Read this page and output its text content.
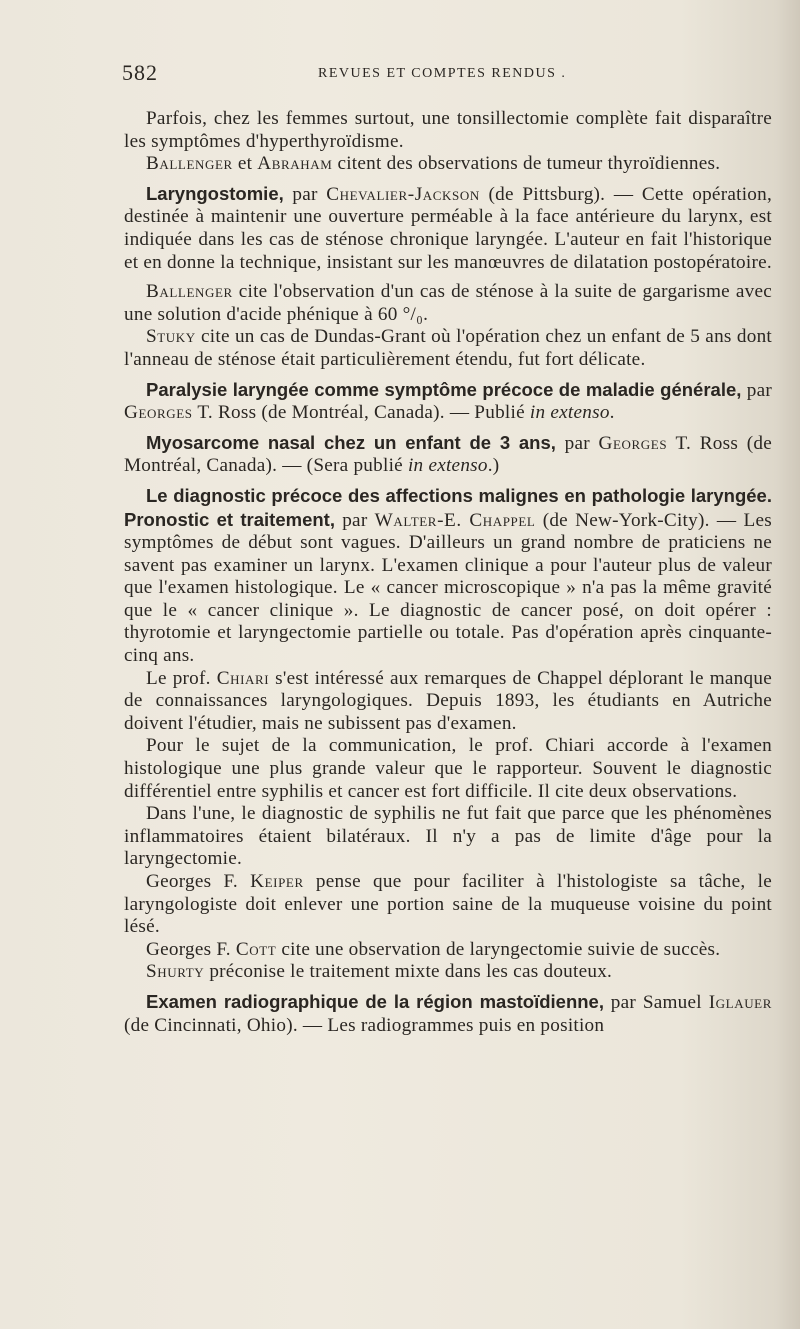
582	REVUES ET COMPTES RENDUS .

Parfois, chez les femmes surtout, une tonsillectomie complète fait disparaître les symptômes d'hyperthyroïdisme.

Ballenger et Abraham citent des observations de tumeur thyroïdiennes.

Laryngostomie, par Chevalier-Jackson (de Pittsburg). — Cette opération, destinée à maintenir une ouverture perméable à la face antérieure du larynx, est indiquée dans les cas de sténose chronique laryngée. L'auteur en fait l'historique et en donne la technique, insistant sur les manœuvres de dilatation postopératoire.

Ballenger cite l'observation d'un cas de sténose à la suite de gargarisme avec une solution d'acide phénique à 60 °/₀.

Stuky cite un cas de Dundas-Grant où l'opération chez un enfant de 5 ans dont l'anneau de sténose était particulièrement étendu, fut fort délicate.

Paralysie laryngée comme symptôme précoce de maladie générale, par Georges T. Ross (de Montréal, Canada). — Publié in extenso.

Myosarcome nasal chez un enfant de 3 ans, par Georges T. Ross (de Montréal, Canada). — (Sera publié in extenso.)

Le diagnostic précoce des affections malignes en pathologie laryngée. Pronostic et traitement, par Walter-E. Chappel (de New-York-City). — Les symptômes de début sont vagues. D'ailleurs un grand nombre de praticiens ne savent pas examiner un larynx. L'examen clinique a pour l'auteur plus de valeur que l'examen histologique. Le « cancer microscopique » n'a pas la même gravité que le « cancer clinique ». Le diagnostic de cancer posé, on doit opérer : thyrotomie et laryngectomie partielle ou totale. Pas d'opération après cinquante-cinq ans.

Le prof. Chiari s'est intéressé aux remarques de Chappel déplorant le manque de connaissances laryngologiques. Depuis 1893, les étudiants en Autriche doivent l'étudier, mais ne subissent pas d'examen.

Pour le sujet de la communication, le prof. Chiari accorde à l'examen histologique une plus grande valeur que le rapporteur. Souvent le diagnostic différentiel entre syphilis et cancer est fort difficile. Il cite deux observations.

Dans l'une, le diagnostic de syphilis ne fut fait que parce que les phénomènes inflammatoires étaient bilatéraux. Il n'y a pas de limite d'âge pour la laryngectomie.

Georges F. Keiper pense que pour faciliter à l'histologiste sa tâche, le laryngologiste doit enlever une portion saine de la muqueuse voisine du point lésé.

Georges F. Cott cite une observation de laryngectomie suivie de succès.

Shurty préconise le traitement mixte dans les cas douteux.

Examen radiographique de la région mastoïdienne, par Samuel Iglauer (de Cincinnati, Ohio). — Les radiogrammes puis en position
